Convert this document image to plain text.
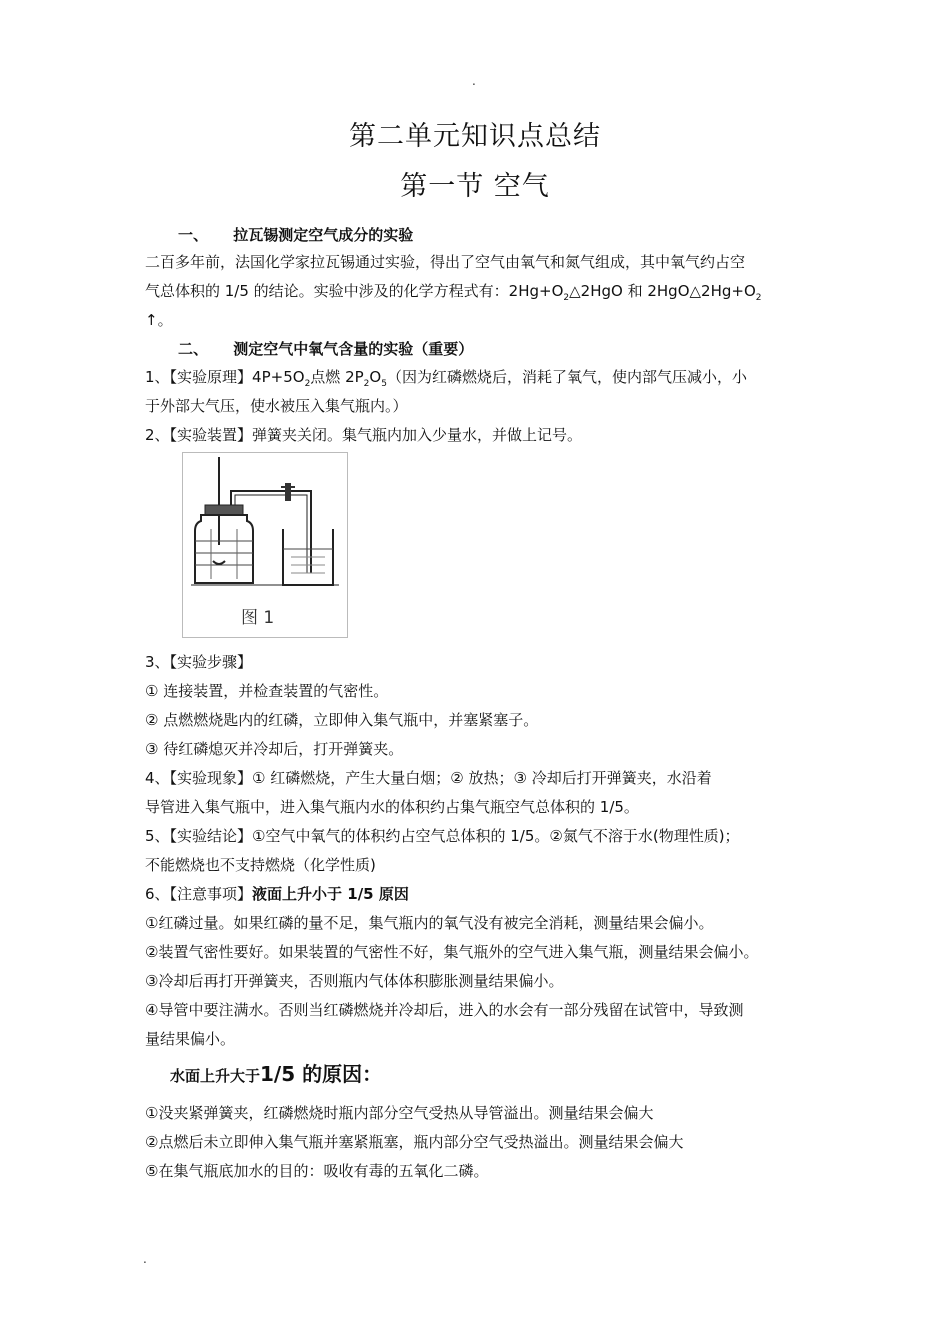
.
第二单元知识点总结
第一节 空气
一、 拉瓦锡测定空气成分的实验
二百多年前，法国化学家拉瓦锡通过实验，得出了空气由氧气和氮气组成，其中氧气约占空
气总体积的 1/5 的结论。实验中涉及的化学方程式有：$2Hg+O_2\triangle 2HgO$ 和 $2HgO\triangle 2Hg+O_2$
↑。
二、 测定空气中氧气含量的实验（重要）
1、【实验原理】$4P+5O_2$点燃 $2P_2O_5$（因为红磷燃烧后，消耗了氧气，使内部气压减小，小
于外部大气压，使水被压入集气瓶内。）
2、【实验装置】弹簧夹关闭。集气瓶内加入少量水，并做上记号。
图 1
3、【实验步骤】
① 连接装置，并检查装置的气密性。
② 点燃燃烧匙内的红磷，立即伸入集气瓶中，并塞紧塞子。
③ 待红磷熄灭并冷却后，打开弹簧夹。
4、【实验现象】① 红磷燃烧，产生大量白烟；② 放热；③ 冷却后打开弹簧夹，水沿着
导管进入集气瓶中，进入集气瓶内水的体积约占集气瓶空气总体积的 1/5。
5、【实验结论】①空气中氧气的体积约占空气总体积的 1/5。②氮气不溶于水(物理性质)；
不能燃烧也不支持燃烧（化学性质)
6、【注意事项】液面上升小于 1/5 原因
①红磷过量。如果红磷的量不足，集气瓶内的氧气没有被完全消耗，测量结果会偏小。
②装置气密性要好。如果装置的气密性不好，集气瓶外的空气进入集气瓶，测量结果会偏小。
③冷却后再打开弹簧夹，否则瓶内气体体积膨胀测量结果偏小。
④导管中要注满水。否则当红磷燃烧并冷却后，进入的水会有一部分残留在试管中，导致测
量结果偏小。
水面上升大于1/5 的原因：
①没夹紧弹簧夹，红磷燃烧时瓶内部分空气受热从导管溢出。测量结果会偏大
②点燃后未立即伸入集气瓶并塞紧瓶塞，瓶内部分空气受热溢出。测量结果会偏大
⑤在集气瓶底加水的目的：吸收有毒的五氧化二磷。
.
